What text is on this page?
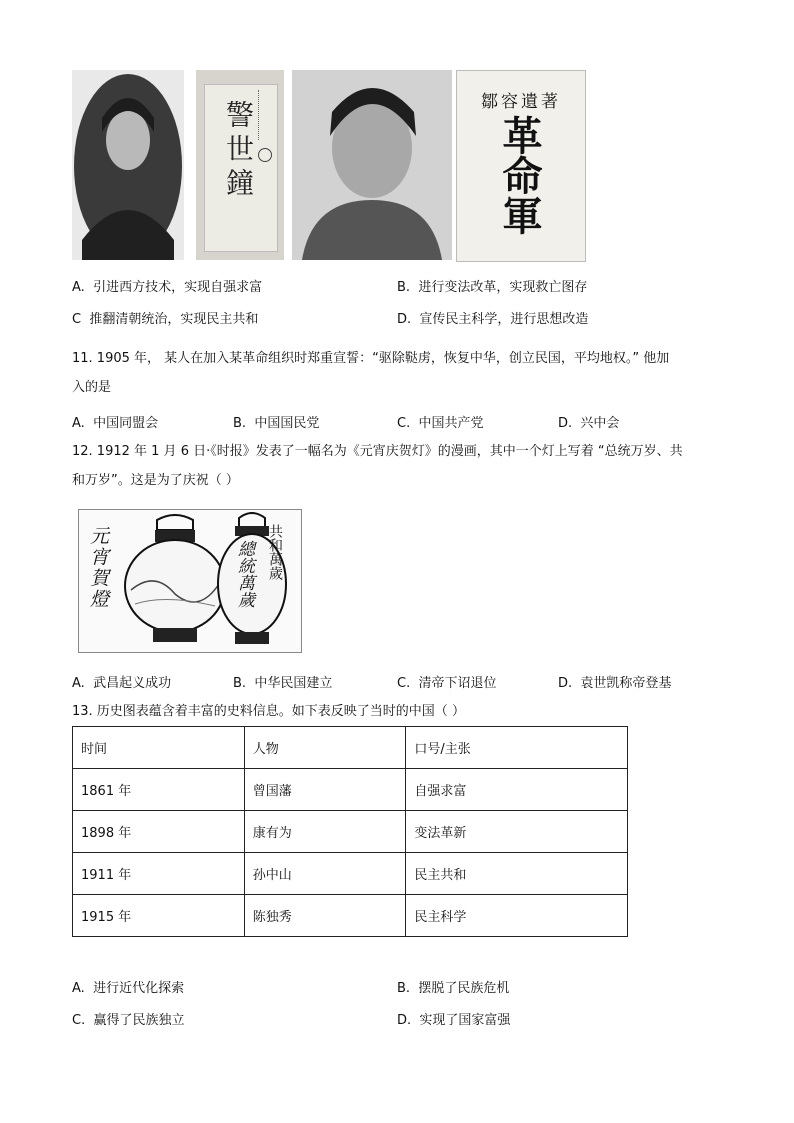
警世鐘	鄒容遺著
革命軍
A. 引进西方技术，实现自强求富	B. 进行变法改革，实现救亡图存
C 推翻清朝统治，实现民主共和	D. 宣传民主科学，进行思想改造
11. 1905 年， 某人在加入某革命组织时郑重宣誓：“驱除鞑虏，恢复中华，创立民国，平均地权。” 他加
入的是
A. 中国同盟会	B. 中国国民党	C. 中国共产党	D. 兴中会
12. 1912 年 1 月 6 日·《时报》发表了一幅名为《元宵庆贺灯》的漫画，其中一个灯上写着 “总统万岁、共
和万岁”。这是为了庆祝（ ）
元宵賀燈	總統萬歲 共和萬歲
A. 武昌起义成功	B. 中华民国建立	C. 清帝下诏退位	D. 袁世凯称帝登基
13. 历史图表蕴含着丰富的史料信息。如下表反映了当时的中国（ ）
时间	人物	口号/主张
1861 年	曾国藩	自强求富
1898 年	康有为	变法革新
1911 年	孙中山	民主共和
1915 年	陈独秀	民主科学
A. 进行近代化探索	B. 摆脱了民族危机
C. 赢得了民族独立	D. 实现了国家富强
